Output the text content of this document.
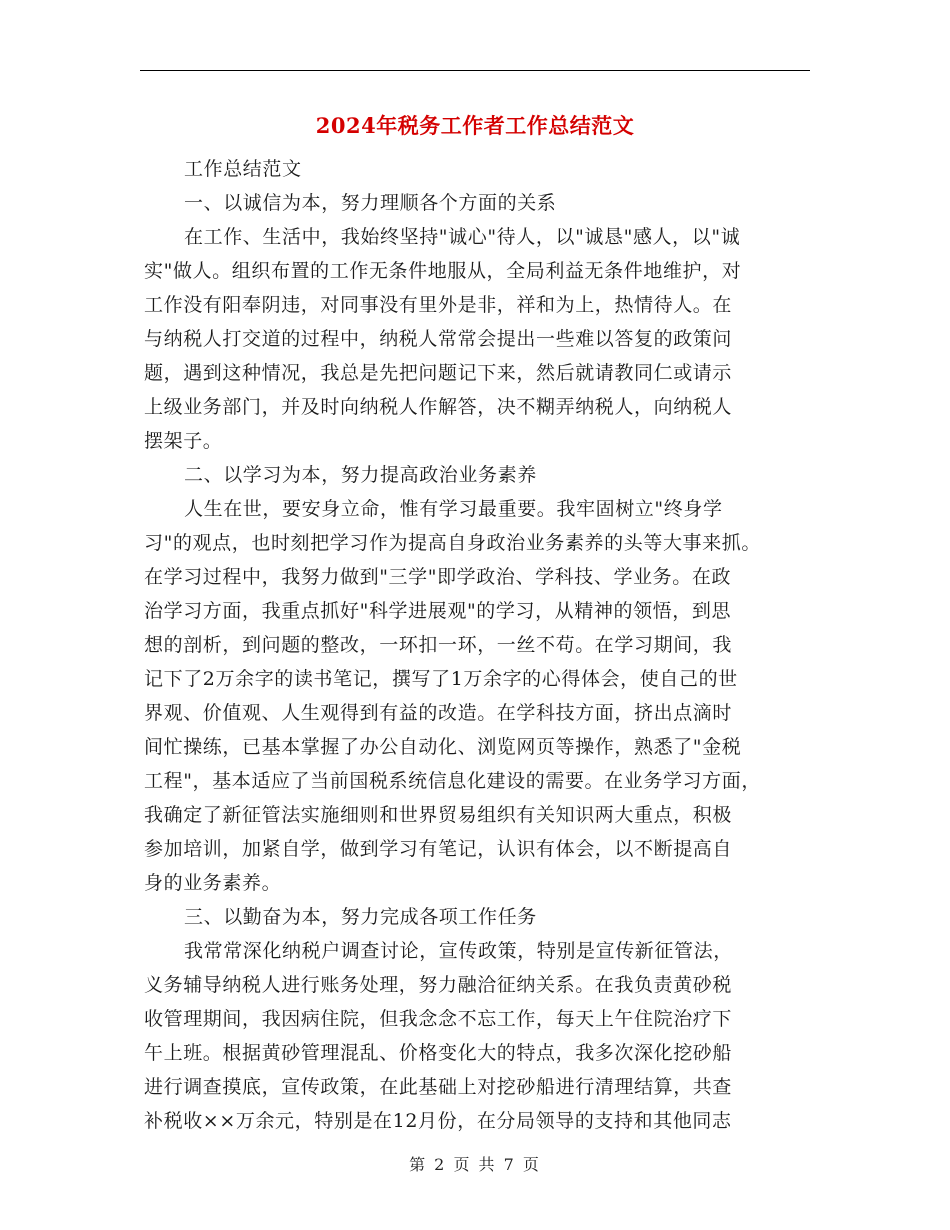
2024年税务工作者工作总结范文

工作总结范文

一、以诚信为本，努力理顺各个方面的关系

在工作、生活中，我始终坚持"诚心"待人，以"诚恳"感人，以"诚

实"做人。组织布置的工作无条件地服从，全局利益无条件地维护，对

工作没有阳奉阴违，对同事没有里外是非，祥和为上，热情待人。在

与纳税人打交道的过程中，纳税人常常会提出一些难以答复的政策问

题，遇到这种情况，我总是先把问题记下来，然后就请教同仁或请示

上级业务部门，并及时向纳税人作解答，决不糊弄纳税人，向纳税人

摆架子。

二、以学习为本，努力提高政治业务素养

人生在世，要安身立命，惟有学习最重要。我牢固树立"终身学

习"的观点，也时刻把学习作为提高自身政治业务素养的头等大事来抓。

在学习过程中，我努力做到"三学"即学政治、学科技、学业务。在政

治学习方面，我重点抓好"科学进展观"的学习，从精神的领悟，到思

想的剖析，到问题的整改，一环扣一环，一丝不苟。在学习期间，我

记下了2万余字的读书笔记，撰写了1万余字的心得体会，使自己的世

界观、价值观、人生观得到有益的改造。在学科技方面，挤出点滴时

间忙操练，已基本掌握了办公自动化、浏览网页等操作，熟悉了"金税

工程"，基本适应了当前国税系统信息化建设的需要。在业务学习方面，

我确定了新征管法实施细则和世界贸易组织有关知识两大重点，积极

参加培训，加紧自学，做到学习有笔记，认识有体会，以不断提高自

身的业务素养。

三、以勤奋为本，努力完成各项工作任务

我常常深化纳税户调查讨论，宣传政策，特别是宣传新征管法，

义务辅导纳税人进行账务处理，努力融洽征纳关系。在我负责黄砂税

收管理期间，我因病住院，但我念念不忘工作，每天上午住院治疗下

午上班。根据黄砂管理混乱、价格变化大的特点，我多次深化挖砂船

进行调查摸底，宣传政策，在此基础上对挖砂船进行清理结算，共查

补税收××万余元，特别是在12月份，在分局领导的支持和其他同志

第 2 页 共 7 页
